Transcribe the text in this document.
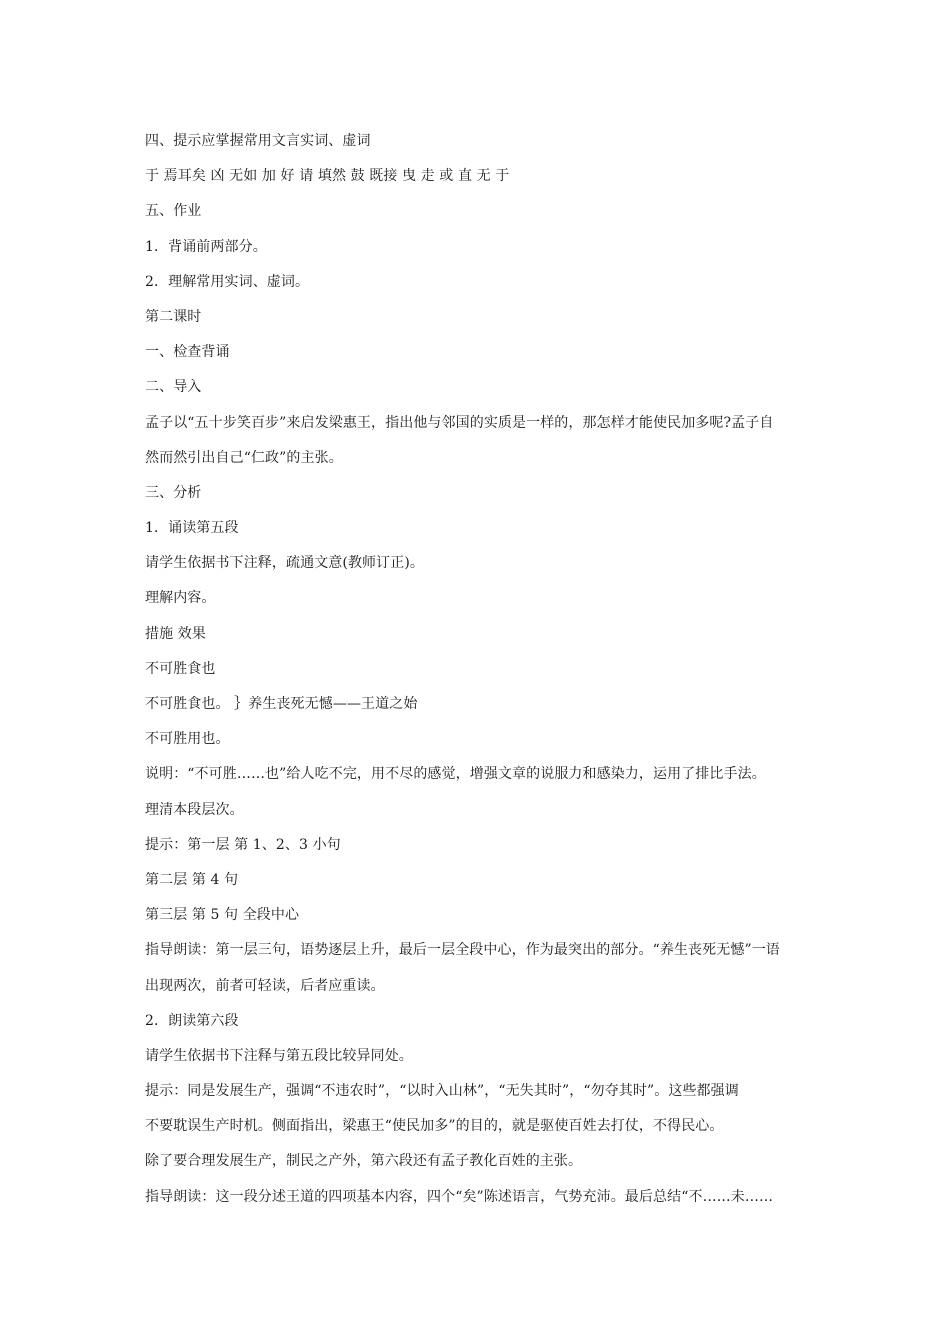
四、提示应掌握常用文言实词、虚词
于 焉耳矣 凶 无如 加 好 请 填然 鼓 既接 曳 走 或 直 无 于
五、作业
1．背诵前两部分。
2．理解常用实词、虚词。
第二课时
一、检查背诵
二、导入
孟子以“五十步笑百步”来启发梁惠王，指出他与邻国的实质是一样的，那怎样才能使民加多呢?孟子自
然而然引出自己“仁政”的主张。
三、分析
1．诵读第五段
请学生依据书下注释，疏通文意(教师订正)。
理解内容。
措施 效果
不可胜食也
不可胜食也。 ｝养生丧死无憾——王道之始
不可胜用也。
说明：“不可胜……也”给人吃不完，用不尽的感觉，增强文章的说服力和感染力，运用了排比手法。
理清本段层次。
提示：第一层 第 1、2、3 小句
第二层 第 4 句
第三层 第 5 句 全段中心
指导朗读：第一层三句，语势逐层上升，最后一层全段中心，作为最突出的部分。“养生丧死无憾”一语
出现两次，前者可轻读，后者应重读。
2．朗读第六段
请学生依据书下注释与第五段比较异同处。
提示：同是发展生产，强调“不违农时”，“以时入山林”，“无失其时”，“勿夺其时”。这些都强调
不要耽误生产时机。侧面指出，梁惠王“使民加多”的目的，就是驱使百姓去打仗，不得民心。
除了要合理发展生产，制民之产外，第六段还有孟子教化百姓的主张。
指导朗读：这一段分述王道的四项基本内容，四个“矣”陈述语言，气势充沛。最后总结“不……未……
